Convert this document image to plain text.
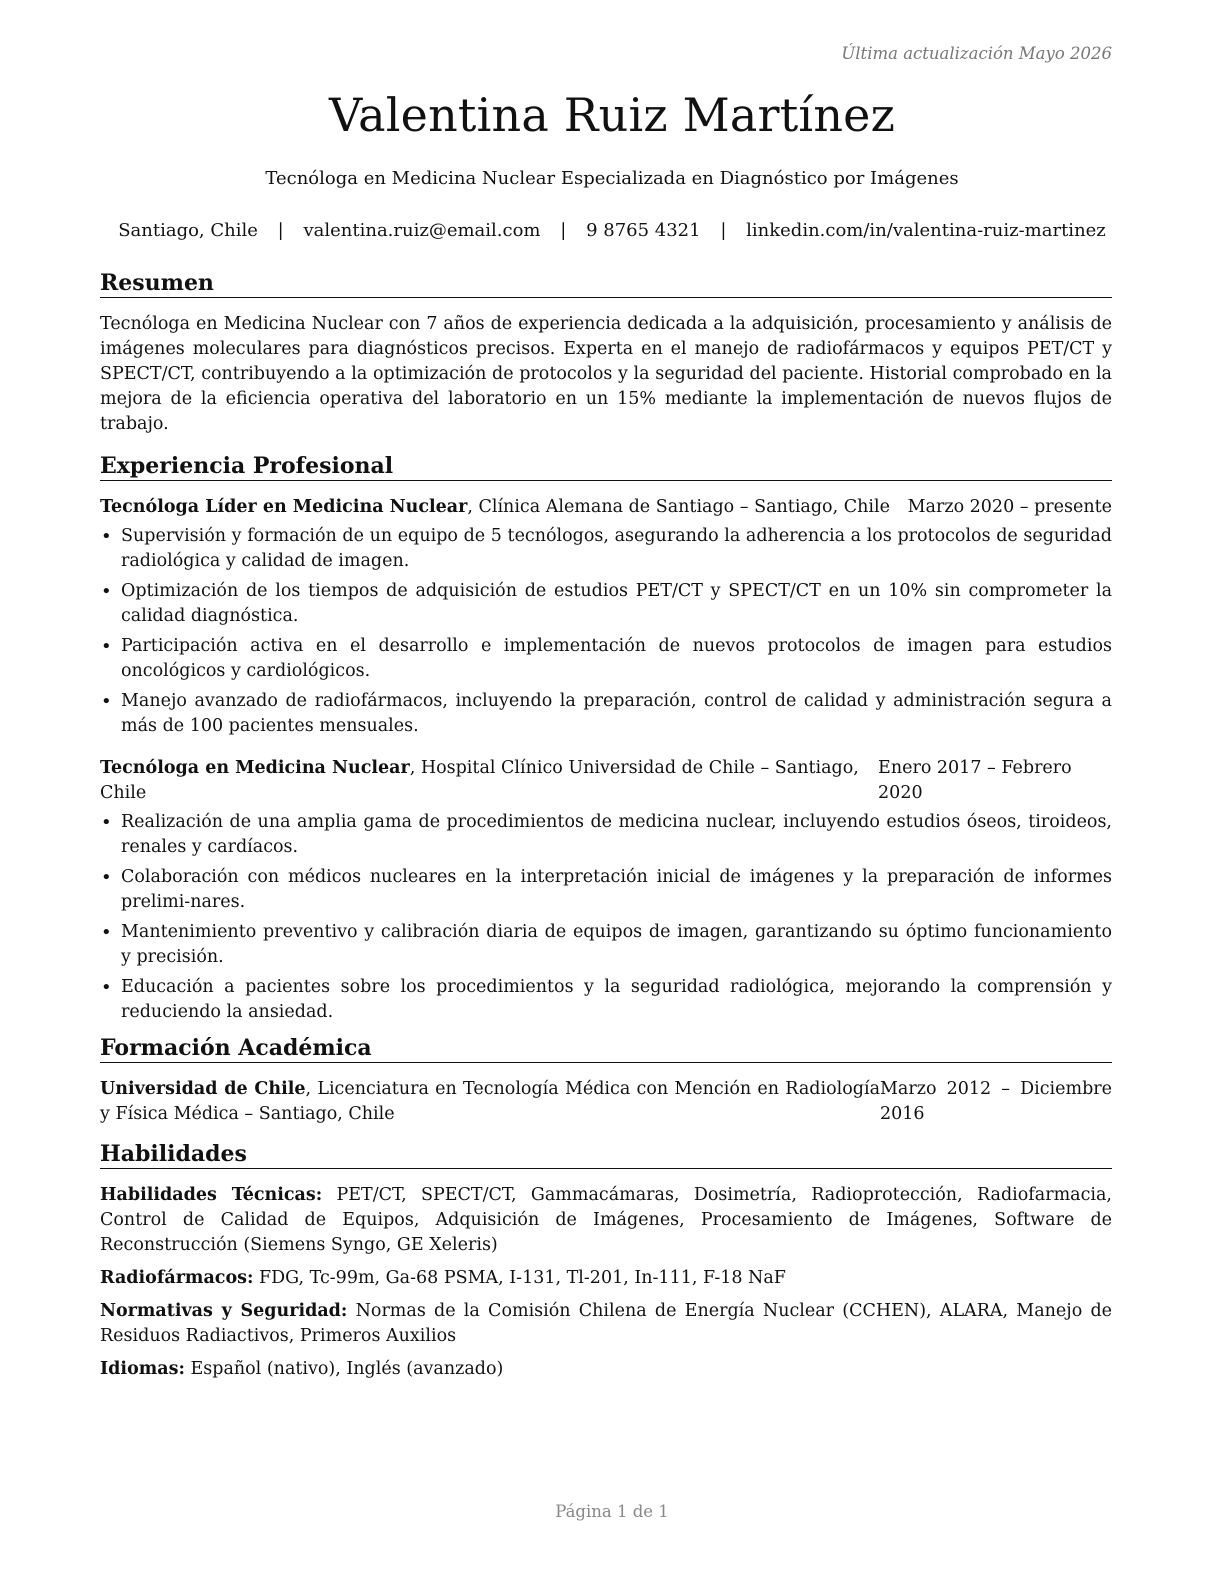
Última actualización Mayo 2026
Valentina Ruiz Martínez
Tecnóloga en Medicina Nuclear Especializada en Diagnóstico por Imágenes
Santiago, Chile | valentina.ruiz@email.com | 9 8765 4321 | linkedin.com/in/valentina-ruiz-martinez
Resumen

Tecnóloga en Medicina Nuclear con 7 años de experiencia dedicada a la adquisición, procesamiento y análisis de imágenes moleculares para diagnósticos precisos. Experta en el manejo de radiofármacos y equipos PET/CT y SPECT/CT, contribuyendo a la optimización de protocolos y la seguridad del paciente. Historial comprobado en la mejora de la eficiencia operativa del laboratorio en un 15% mediante la implementación de nuevos flujos de trabajo.

Experiencia Profesional
Tecnóloga Líder en Medicina Nuclear, Clínica Alemana de Santiago – Santiago, Chile Marzo 2020 – presente
• Supervisión y formación de un equipo de 5 tecnólogos, asegurando la adherencia a los protocolos de seguridad radiológica y calidad de imagen.
• Optimización de los tiempos de adquisición de estudios PET/CT y SPECT/CT en un 10% sin comprometer la calidad diagnóstica.
• Participación activa en el desarrollo e implementación de nuevos protocolos de imagen para estudios oncológicos y cardiológicos.
• Manejo avanzado de radiofármacos, incluyendo la preparación, control de calidad y administración segura a más de 100 pacientes mensuales.
Tecnóloga en Medicina Nuclear, Hospital Clínico Universidad de Chile – Santiago, Chile
Enero 2017 – Febrero 2020
• Realización de una amplia gama de procedimientos de medicina nuclear, incluyendo estudios óseos, tiroideos, renales y cardíacos.
• Colaboración con médicos nucleares en la interpretación inicial de imágenes y la preparación de informes prelimi-nares.
• Mantenimiento preventivo y calibración diaria de equipos de imagen, garantizando su óptimo funcionamiento y precisión.
• Educación a pacientes sobre los procedimientos y la seguridad radiológica, mejorando la comprensión y reduciendo la ansiedad.
Formación Académica

Universidad de Chile, Licenciatura en Tecnología Médica con Mención en Radiología y Física Médica – Santiago, Chile

Marzo 2012 – Diciembre 2016

Habilidades

Habilidades Técnicas: PET/CT, SPECT/CT, Gammacámaras, Dosimetría, Radioprotección, Radiofarmacia, Control de Calidad de Equipos, Adquisición de Imágenes, Procesamiento de Imágenes, Software de Reconstrucción (Siemens Syngo, GE Xeleris)

Radiofármacos: FDG, Tc-99m, Ga-68 PSMA, I-131, Tl-201, In-111, F-18 NaF

Normativas y Seguridad: Normas de la Comisión Chilena de Energía Nuclear (CCHEN), ALARA, Manejo de Residuos Radiactivos, Primeros Auxilios

Idiomas: Español (nativo), Inglés (avanzado)

Página 1 de 1
